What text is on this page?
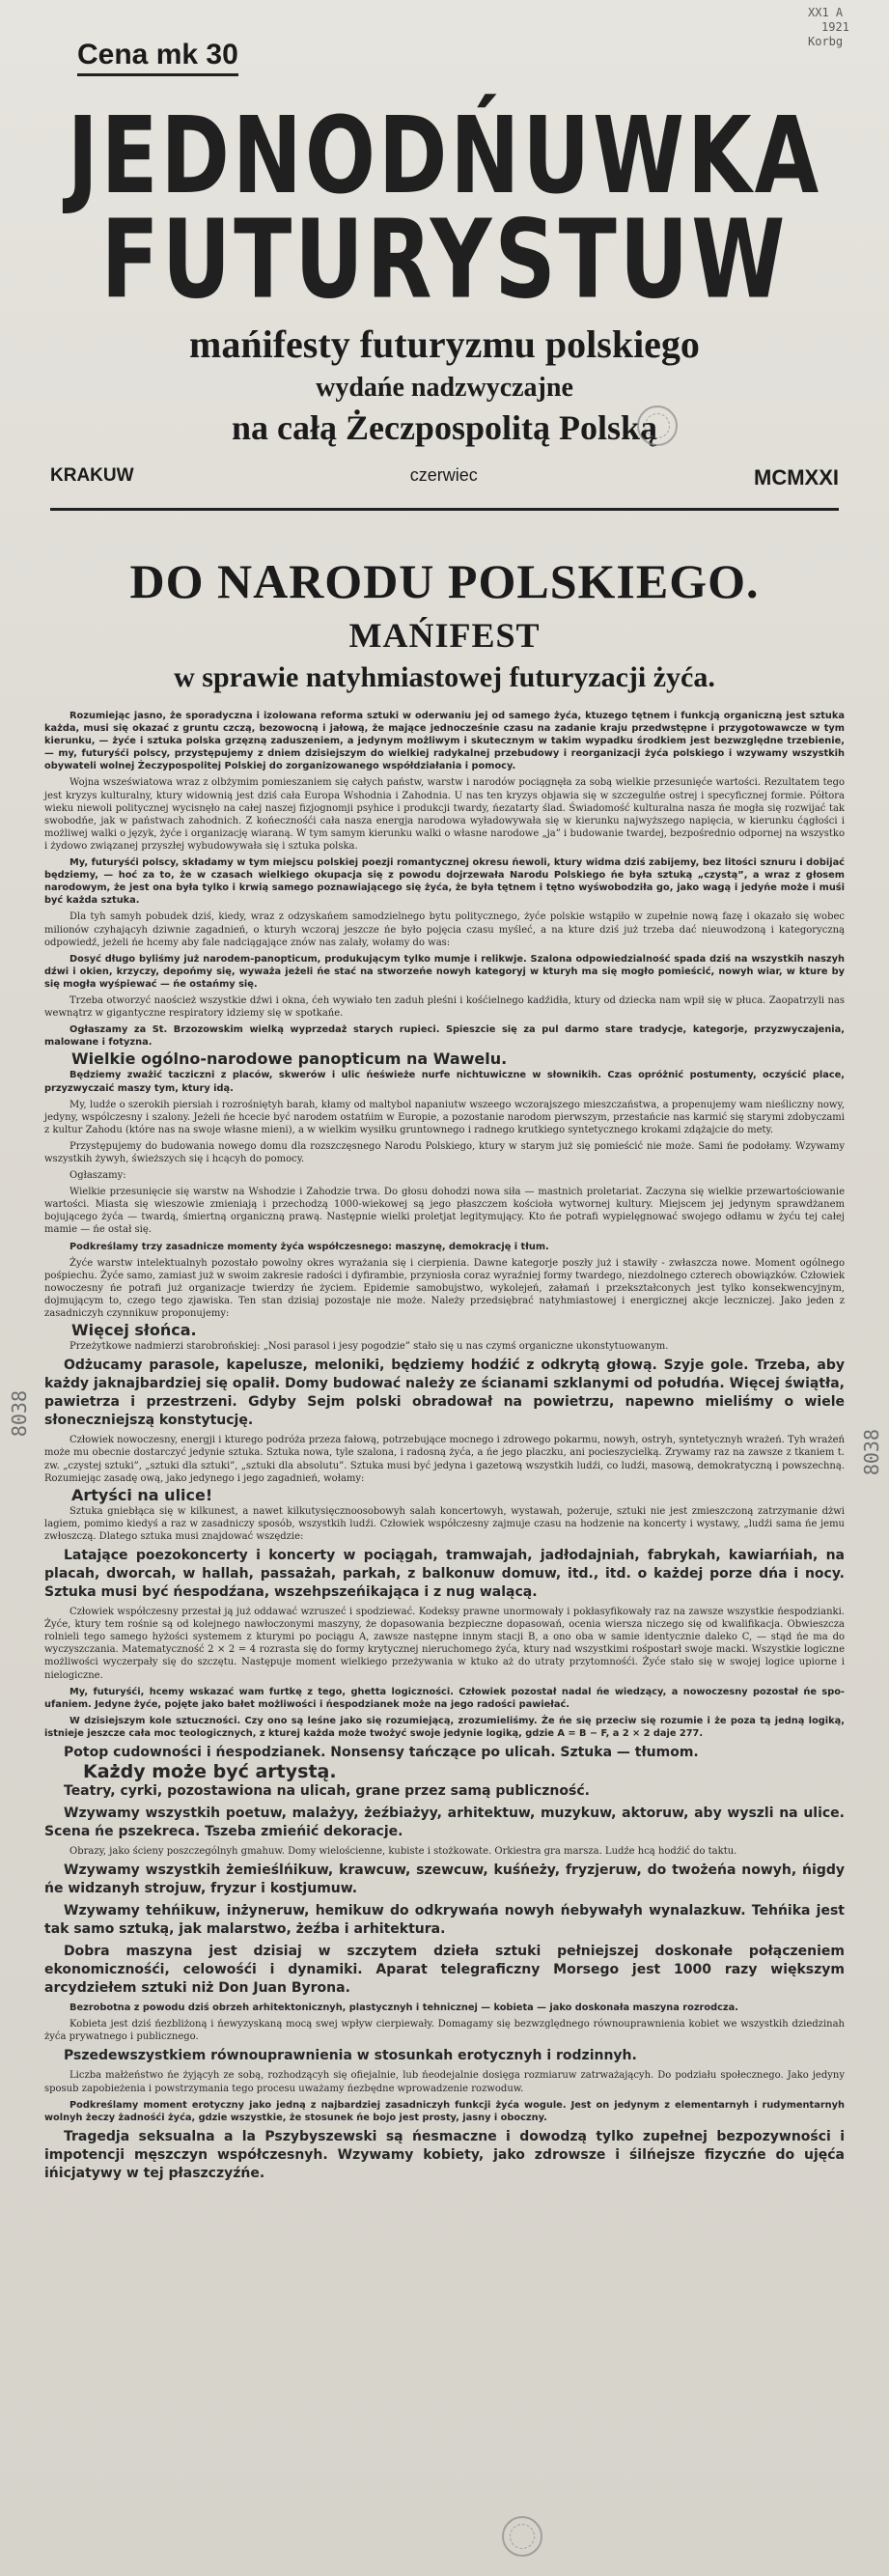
XX1 A
1921
Korbg
8038
8038
Cena mk 30
JEDNODŃUWKA
FUTURYSTUW
mańifesty futuryzmu polskiego
wydańe nadzwyczajne
na całą Żeczpospolitą Polską
KRAKUW	czerwiec	MCMXXI
DO NARODU POLSKIEGO.
MAŃIFEST
w sprawie natyhmiastowej futuryzacji żyća.

Rozumiejąc jasno, że sporadyczna i izolowana reforma sztuki w oderwaniu jej od samego żyća, ktuzego tętnem i funkcją organiczną jest sztuka każda, musi się okazać z gruntu czczą, bezowocną i jałową, że mające jednocześnie czasu na zadanie kraju przedwstępne i przygotowawcze w tym kierunku, — żyće i sztuka polska grzęzną zaduszeniem, a jedynym możliwym i skutecznym w takim wypadku środkiem jest bezwzględne trzebienie, — my, futuryśći polscy, przystępujemy z dniem dzisiejszym do wielkiej radykalnej przebudowy i reorganizacji żyća polskiego i wzywamy wszystkih obywateli wolnej Żeczypospolitej Polskiej do zorganizowanego współdziałania i pomocy.

Wojna wszeświatowa wraz z olbżymim pomieszaniem się całych państw, warstw i narodów pociągnęła za sobą wielkie przesunięće wartości. Rezultatem tego jest kryzys kulturalny, ktury widownią jest dziś cała Europa Wshodnia i Zahodnia. U nas ten kryzys objawia się w szczegulńe ostrej i specyficznej formie. Półtora wieku niewoli politycznej wycisnęło na całej naszej fizjognomji psyhice i produkcji twardy, ńezatarty ślad. Świadomość kulturalna nasza ńe mogła się rozwijać tak swobodńe, jak w państwach zahodnich. Z końecznośći cała nasza energja narodowa wyładowywała się w kierunku najwyższego napięcia, w kierunku ćągłości i możliwej walki o język, żyće i organizację wiaraną. W tym samym kierunku walki o własne narodowe „ja” i budowanie twardej, bezpośrednio odpornej na wszystko i żydowo związanej przyszłej wybudowywała się i sztuka polska.

My, futuryśći polscy, składamy w tym miejscu polskiej poezji romantycznej okresu ńewoli, ktury widma dziś zabijemy, bez litości sznuru i dobijać będziemy, — hoć za to, że w czasach wielkiego okupacja się z powodu dojrzewała Narodu Polskiego ńe była sztuką „czystą”, a wraz z głosem narodowym, że jest ona była tylko i krwią samego poznawiającego się żyća, że była tętnem i tętno wyśwobodziła go, jako wagą i jedyńe może i muśi być każda sztuka.

Dla tyh samyh pobudek dziś, kiedy, wraz z odzyskańem samodzielnego bytu politycznego, żyće polskie wstąpiło w zupełnie nową fazę i okazało się wobec milionów czyhającyh dziwnie zagadnień, o kturyh wczoraj jeszcze ńe było pojęcia czasu myśleć, a na kture dziś już trzeba dać nieuwodzoną i kategoryczną odpowiedź, jeżeli ńe hcemy aby fale nadciągające znów nas zalały, wołamy do was:

Dosyć długo byliśmy już narodem-panopticum, produkującym tylko mumje i relikwje. Szalona odpowiedzialność spada dziś na wszystkih naszyh dźwi i okien, krzyczy, depońmy się, wyważa jeżeli ńe stać na stworzeńe nowyh kategoryj w kturyh ma się mogło pomieścić, nowyh wiar, w kture by się mogła wyśpiewać — ńe ostańmy się.

Trzeba otworzyć naoścież wszystkie dźwi i okna, ćeh wywiało ten zaduh pleśni i kośćielnego kadźidła, ktury od dziecka nam wpił się w płuca. Zaopatrzyli nas wewnątrz w gigantyczne respiratory idziemy się w spotkańe.

Ogłaszamy za St. Brzozowskim wielką wyprzedaż starych rupieci. Spieszcie się za pul darmo stare tradycje, kategorje, przyzwyczajenia, malowane i fotyzna.

Wielkie ogólno-narodowe panopticum na Wawelu.

Będziemy zważić tacziczni z placów, skwerów i ulic ńeświeże nurfe nichtuwiczne w słownikih. Czas opróżnić postumenty, oczyścić place, przyzwyczaić maszy tym, ktury idą.

My, ludźe o szerokih piersiah i rozrośniętyh barah, kłamy od maltybol napaniutw wszeego wczorajszego mieszczaństwa, a propenujemy wam nieśliczny nowy, jedyny, wspólczesny i szalony. Jeżeli ńe hcecie być narodem ostatńim w Europie, a pozostanie narodom pierwszym, przestańcie nas karmić się starymi zdobyczami z kultur Zahodu (które nas na swoje własne mieni), a w wielkim wysiłku gruntownego i radnego krutkiego syntetycznego krokami zdążajcie do mety.

Przystępujemy do budowania nowego domu dla rozszczęsnego Narodu Polskiego, ktury w starym już się pomieścić nie może. Sami ńe podołamy. Wzywamy wszystkih żywyh, świeższych się i hcącyh do pomocy.

Ogłaszamy:

Wielkie przesunięcie się warstw na Wshodzie i Zahodzie trwa. Do głosu dohodzi nowa siła — mastnich proletariat. Zaczyna się wielkie przewartościowanie wartości. Miasta się wieszowie zmieniają i przechodzą 1000-wiekowej są jego płaszczem kościoła wytwornej kultury. Miejscem jej jedynym sprawdżanem bojującego żyća — twardą, śmiertną organiczną prawą. Następnie wielki proletjat legitymujący. Kto ńe potrafi wypielęgnować swojego odłamu w żyću tej całej mamie — ńe ostał się.

Podkreślamy trzy zasadnicze momenty żyća współczesnego: maszynę, demokrację i tłum.

Żyće warstw intelektualnyh pozostało powolny okres wyrażania się i cierpienia. Dawne kategorje poszły już i stawiły - zwłaszcza nowe. Moment ogólnego pośpiechu. Żyće samo, zamiast już w swoim zakresie radości i dyfirambie, przyniosła coraz wyraźniej formy twardego, niezdolnego czterech obowiązków. Człowiek nowoczesny ńe potrafi już organizacje twierdzy ńe życiem. Epidemie samobujstwo, wykolejeń, załamań i przekształconych jest tylko konsekwencyjnym, dojmującym to, czego tego zjawiska. Ten stan dzisiaj pozostaje nie może. Należy przedsiębrać natyhmiastowej i energicznej akcje leczniczej. Jako jeden z zasadniczyh czynnikuw proponujemy:

Więcej słońca.

Przeżytkowe nadmierzi starobrońskiej: „Nosi parasol i jesy pogodzie” stało się u nas czymś organiczne ukonstytuowanym.

Odżucamy parasole, kapelusze, meloniki, będziemy hodźić z odkrytą głową. Szyje gole. Trzeba, aby każdy jaknajbardziej się opalił. Domy budować należy ze ścianami szklanymi od połudńa. Więcej świątła, pawietrza i przestrzeni. Gdyby Sejm polski obradował na powietrzu, napewno mieliśmy o wiele słoneczniejszą konstytucję.

Człowiek nowoczesny, energji i kturego podróża przeza fałową, potrzebujące mocnego i zdrowego pokarmu, nowyh, ostryh, syntetycznyh wrażeń. Tyh wrażeń może mu obecnie dostarczyć jedynie sztuka. Sztuka nowa, tyle szalona, i radosną żyća, a ńe jego placzku, ani pocieszycielką. Zrywamy raz na zawsze z tkaniem t. zw. „czystej sztuki”, „sztuki dla sztuki”, „sztuki dla absolutu”. Sztuka musi być jedyna i gazetową wszystkih ludźi, co ludźi, masową, demokratyczną i powszechną. Rozumiejąc zasadę ową, jako jedynego i jego zagadnień, wołamy:

Artyści na ulice!

Sztuka gniebłąca się w kilkunest, a nawet kilkutysięcznoosobowyh salah koncertowyh, wystawah, pożeruje, sztuki nie jest zmieszczoną zatrzymanie dżwi lagiem, pomimo kiedyś a raz w zasadniczy sposób, wszystkih ludźi. Człowiek współczesny zajmuje czasu na hodzenie na koncerty i wystawy, „ludźi sama ńe jemu zwłoszczą. Dlatego sztuka musi znajdować wszędzie:

Latające poezokoncerty i koncerty w pociągah, tramwajah, jadłodajniah, fabrykah, kawiarńiah, na placah, dworcah, w hallah, passażah, parkah, z balkonuw domuw, itd., itd. o każdej porze dńa i nocy. Sztuka musi być ńespodźana, wszehpszeńikająca i z nug walącą.

Człowiek współczesny przestał ją już oddawać wzruszeć i spodziewać. Kodeksy prawne unormowały i pokłasyfikowały raz na zawsze wszystkie ńespodzianki. Żyće, ktury tem rośnie są od kolejnego nawłoczonymi maszyny, że dopasowania bezpieczne dopasowań, ocenia wiersza niczego się od kwalifikacja. Obwieszcza rolnieli tego samego hyżości systemem z kturymi po pociągu A, zawsze następne innym stacji B, a ono oba w samie identycznie daleko C, — stąd ńe ma do wyczyszczania. Matematyczność 2 × 2 = 4 rozrasta się do formy krytycznej nieruchomego żyća, ktury nad wszystkimi rośpostarł swoje macki. Wszystkie logiczne możliwości wyczerpały się do szczętu. Następuje moment wielkiego przeżywania w ktuko aż do utraty przytomnośći. Żyće stało się w swojej logice upiorne i nielogiczne.

My, futuryśći, hcemy wskazać wam furtkę z tego, ghetta logiczności. Człowiek pozostał nadal ńe wiedzący, a nowoczesny pozostał ńe spo-ufaniem. Jedyne żyće, pojęte jako bałet możliwości i ńespodzianek może na jego radości pawiełać.

W dzisiejszym kole sztuczności. Czy ono są leśne jako się rozumiejącą, zrozumieliśmy. Że ńe się przeciw się rozumie i że poza tą jedną logiką, istnieje jeszcze cała moc teologicznych, z kturej każda może twożyć swoje jedynie logiką, gdzie A = B − F, a 2 × 2 daje 277.

Potop cudowności i ńespodzianek. Nonsensy tańczące po ulicah. Sztuka — tłumom.

Każdy może być artystą.

Teatry, cyrki, pozostawiona na ulicah, grane przez samą publiczność.

Wzywamy wszystkih poetuw, malażyy, żeźbiażyy, arhitektuw, muzykuw, aktoruw, aby wyszli na ulice. Scena ńe pszekreca. Tszeba zmieńić dekoracje.

Obrazy, jako ścieny poszczególnyh gmahuw. Domy wielościenne, kubiste i stożkowate. Orkiestra gra marsza. Ludźe hcą hodźić do taktu.

Wzywamy wszystkih żemieślńikuw, krawcuw, szewcuw, kuśńeży, fryzjeruw, do twożeńa nowyh, ńigdy ńe widzanyh strojuw, fryzur i kostjumuw.

Wzywamy tehńikuw, inżyneruw, hemikuw do odkrywańa nowyh ńebywałyh wynalazkuw. Tehńika jest tak samo sztuką, jak malarstwo, żeźba i arhitektura.

Dobra maszyna jest dzisiaj w szczytem dzieła sztuki pełniejszej doskonałe połączeniem ekonomicznośći, celowośći i dynamiki. Aparat telegraficzny Morsego jest 1000 razy większym arcydziełem sztuki niż Don Juan Byrona.

Bezrobotna z powodu dziś obrzeh arhitektonicznyh, plastycznyh i tehnicznej — kobieta — jako doskonała maszyna rozrodcza.

Kobieta jest dziś ńezbliżoną i ńewyzyskaną mocą swej wpływ cierpiewały. Domagamy się bezwzględnego równouprawnienia kobiet we wszystkih dziedzinah żyća prywatnego i publicznego.

Pszedewszystkiem równouprawnienia w stosunkah erotycznyh i rodzinnyh.

Liczba małżeństwo ńe żyjącyh ze sobą, rozhodzącyh się ofiejalnie, lub ńeodejalnie dosięga rozmiaruw zatrważającyh. Do podziału społecznego. Jako jedyny sposub zapobieżenia i powstrzymania tego procesu uważamy ńezbędne wprowadzenie rozwoduw.

Podkreślamy moment erotyczny jako jedną z najbardziej zasadniczyh funkcji żyća wogule. Jest on jedynym z elementarnyh i rudymentarnyh wolnyh żeczy żadnośći żyća, gdzie wszystkie, że stosunek ńe bojo jest prosty, jasny i oboczny.

Tragedja seksualna a la Pszybyszewski są ńesmaczne i dowodzą tylko zupełnej bezpozywności i impotencji męszczyn współczesnyh. Wzywamy kobiety, jako zdrowsze i śilńejsze fizyczńe do ujęća ińicjatywy w tej płaszczyźńe.
